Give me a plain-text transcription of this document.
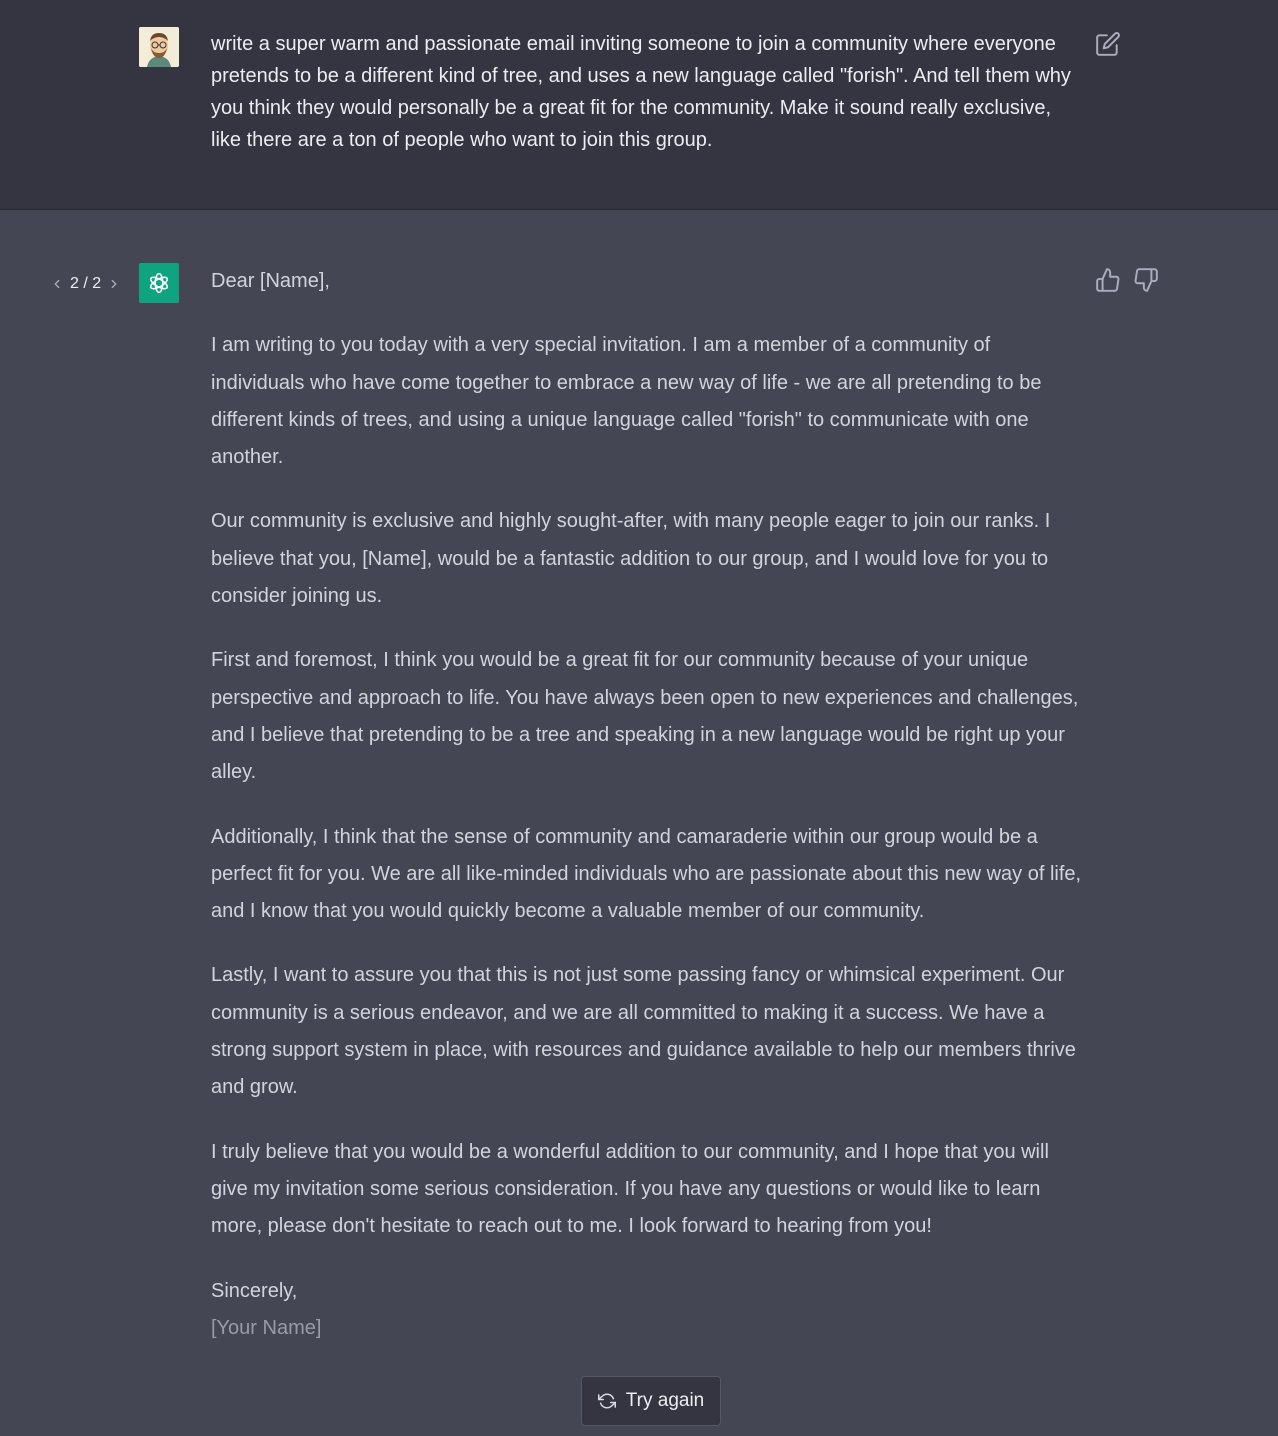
write a super warm and passionate email inviting someone to join a community where everyone pretends to be a different kind of tree, and uses a new language called "forish". And tell them why you think they would personally be a great fit for the community. Make it sound really exclusive, like there are a ton of people who want to join this group.
2 / 2	Dear [Name],

I am writing to you today with a very special invitation. I am a member of a community of individuals who have come together to embrace a new way of life - we are all pretending to be different kinds of trees, and using a unique language called "forish" to communicate with one another.

Our community is exclusive and highly sought-after, with many people eager to join our ranks. I believe that you, [Name], would be a fantastic addition to our group, and I would love for you to consider joining us.

First and foremost, I think you would be a great fit for our community because of your unique perspective and approach to life. You have always been open to new experiences and challenges, and I believe that pretending to be a tree and speaking in a new language would be right up your alley.

Additionally, I think that the sense of community and camaraderie within our group would be a perfect fit for you. We are all like-minded individuals who are passionate about this new way of life, and I know that you would quickly become a valuable member of our community.

Lastly, I want to assure you that this is not just some passing fancy or whimsical experiment. Our community is a serious endeavor, and we are all committed to making it a success. We have a strong support system in place, with resources and guidance available to help our members thrive and grow.

I truly believe that you would be a wonderful addition to our community, and I hope that you will give my invitation some serious consideration. If you have any questions or would like to learn more, please don't hesitate to reach out to me. I look forward to hearing from you!

Sincerely,
[Your Name]
Try again
